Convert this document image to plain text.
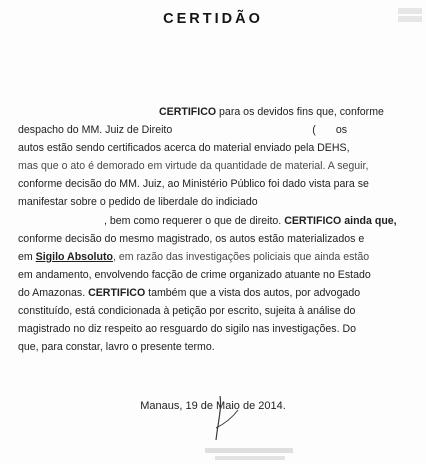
CERTIDÃO
CERTIFICO para os devidos fins que, conforme
despacho do MM. Juiz de Direito	( os
autos estão sendo certificados acerca do material enviado pela DEHS,
mas que o ato é demorado em virtude da quantidade de material. A seguir,
conforme decisão do MM. Juiz, ao Ministério Público foi dado vista para se
manifestar sobre o pedido de liberdale do indiciado
, bem como requerer o que de direito. CERTIFICO ainda que,
conforme decisão do mesmo magistrado, os autos estão materializados e
em Sigilo Absoluto, em razão das investigações policiais que ainda estão
em andamento, envolvendo facção de crime organizado atuante no Estado
do Amazonas. CERTIFICO também que a vista dos autos, por advogado
constituído, está condicionada à petição por escrito, sujeita à análise do
magistrado no diz respeito ao resguardo do sigilo nas investigações. Do
que, para constar, lavro o presente termo.
Manaus, 19 de Maio de 2014.
